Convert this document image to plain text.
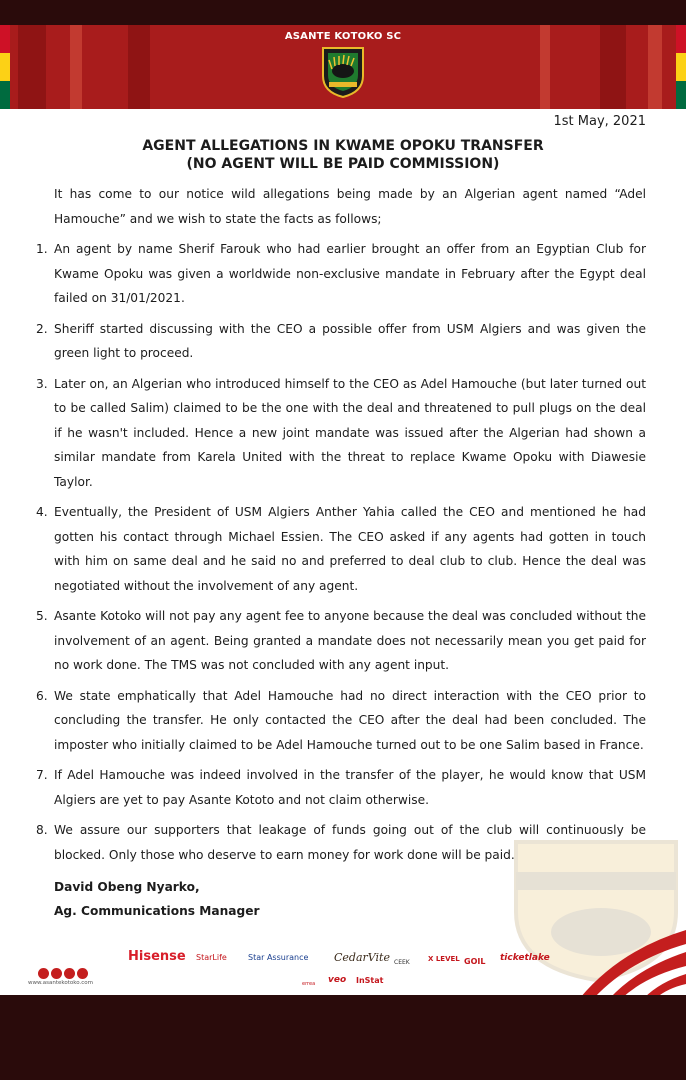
ASANTE KOTOKO SC
1st May, 2021
AGENT ALLEGATIONS IN KWAME OPOKU TRANSFER
(NO AGENT WILL BE PAID COMMISSION)

It has come to our notice wild allegations being made by an Algerian agent named “Adel Hamouche” and we wish to state the facts as follows;

1. An agent by name Sherif Farouk who had earlier brought an offer from an Egyptian Club for Kwame Opoku was given a worldwide non-exclusive mandate in February after the Egypt deal failed on 31/01/2021.
2. Sheriff started discussing with the CEO a possible offer from USM Algiers and was given the green light to proceed.
3. Later on, an Algerian who introduced himself to the CEO as Adel Hamouche (but later turned out to be called Salim) claimed to be the one with the deal and threatened to pull plugs on the deal if he wasn't included. Hence a new joint mandate was issued after the Algerian had shown a similar mandate from Karela United with the threat to replace Kwame Opoku with Diawesie Taylor.
4. Eventually, the President of USM Algiers Anther Yahia called the CEO and mentioned he had gotten his contact through Michael Essien. The CEO asked if any agents had gotten in touch with him on same deal and he said no and preferred to deal club to club. Hence the deal was negotiated without the involvement of any agent.
5. Asante Kotoko will not pay any agent fee to anyone because the deal was concluded without the involvement of an agent. Being granted a mandate does not necessarily mean you get paid for no work done. The TMS was not concluded with any agent input.
6. We state emphatically that Adel Hamouche had no direct interaction with the CEO prior to concluding the transfer. He only contacted the CEO after the deal had been concluded. The imposter who initially claimed to be Adel Hamouche turned out to be one Salim based in France.
7. If Adel Hamouche was indeed involved in the transfer of the player, he would know that USM Algiers are yet to pay Asante Kototo and not claim otherwise.
8. We assure our supporters that leakage of funds going out of the club will continuously be blocked. Only those who deserve to earn money for work done will be paid.
David Obeng Nyarko,
Ag. Communications Manager
Hisense StarLife	Star Assurance CedarVite CEEK	X LEVEL GOIL ticketlake
errea veo InStat
www.asantekotoko.com
